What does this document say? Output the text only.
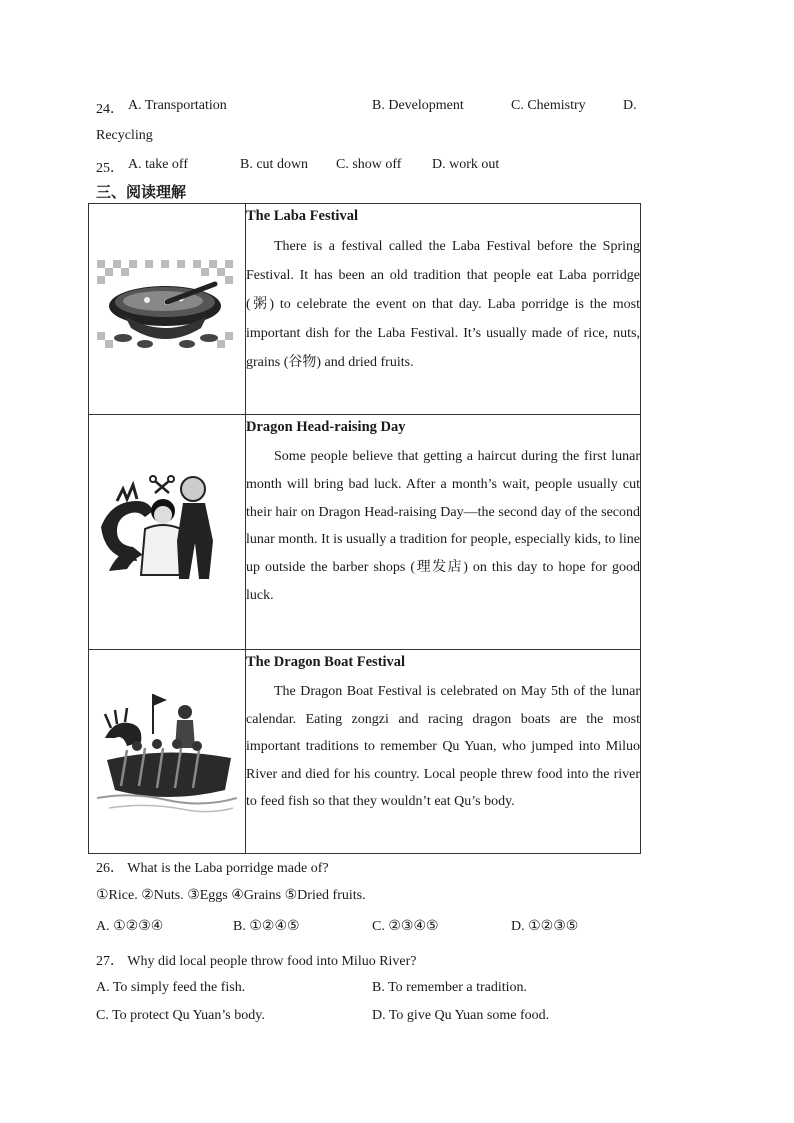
24． A. Transportation	B. Development	C. Chemistry	D.
Recycling
25． A. take off	B. cut down C. show off D. work out
三、阅读理解

The Laba Festival

There is a festival called the Laba Festival before the Spring Festival. It has been an old tradition that people eat Laba porridge (粥) to celebrate the event on that day. Laba porridge is the most important dish for the Laba Festival. It’s usually made of rice, nuts, grains (谷物) and dried fruits.

Dragon Head-raising Day

Some people believe that getting a haircut during the first lunar month will bring bad luck. After a month’s wait, people usually cut their hair on Dragon Head-raising Day—the second day of the second lunar month. It is usually a tradition for people, especially kids, to line up outside the barber shops (理发店) on this day to hope for good luck.

The Dragon Boat Festival

The Dragon Boat Festival is celebrated on May 5th of the lunar calendar. Eating zongzi and racing dragon boats are the most important traditions to remember Qu Yuan, who jumped into Miluo River and died for his country. Local people threw food into the river to feed fish so that they wouldn’t eat Qu’s body.

26． What is the Laba porridge made of?
①Rice. ②Nuts. ③Eggs ④Grains ⑤Dried fruits.
A. ①②③④	B. ①②④⑤	C. ②③④⑤	D. ①②③⑤
27． Why did local people throw food into Miluo River?
A. To simply feed the fish.	B. To remember a tradition.
C. To protect Qu Yuan’s body.	D. To give Qu Yuan some food.
